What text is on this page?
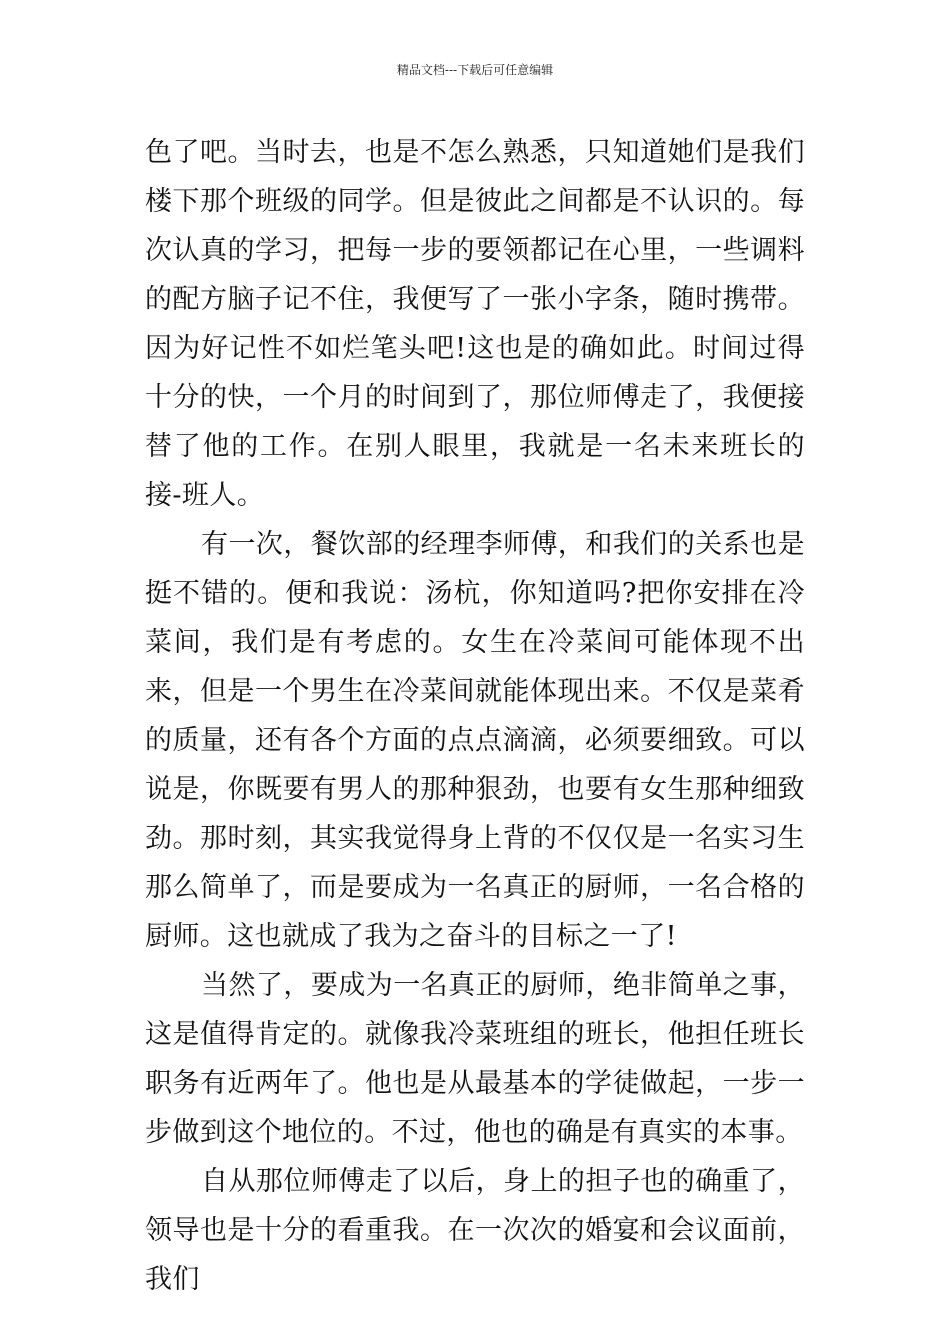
精品文档---下载后可任意编辑

色了吧。当时去，也是不怎么熟悉，只知道她们是我们楼下那个班级的同学。但是彼此之间都是不认识的。每次认真的学习，把每一步的要领都记在心里，一些调料的配方脑子记不住，我便写了一张小字条，随时携带。因为好记性不如烂笔头吧!这也是的确如此。时间过得十分的快，一个月的时间到了，那位师傅走了，我便接替了他的工作。在别人眼里，我就是一名未来班长的接-班人。

有一次，餐饮部的经理李师傅，和我们的关系也是挺不错的。便和我说：汤杭，你知道吗?把你安排在冷菜间，我们是有考虑的。女生在冷菜间可能体现不出来，但是一个男生在冷菜间就能体现出来。不仅是菜肴的质量，还有各个方面的点点滴滴，必须要细致。可以说是，你既要有男人的那种狠劲，也要有女生那种细致劲。那时刻，其实我觉得身上背的不仅仅是一名实习生那么简单了，而是要成为一名真正的厨师，一名合格的厨师。这也就成了我为之奋斗的目标之一了!

当然了，要成为一名真正的厨师，绝非简单之事，这是值得肯定的。就像我冷菜班组的班长，他担任班长职务有近两年了。他也是从最基本的学徒做起，一步一步做到这个地位的。不过，他也的确是有真实的本事。

自从那位师傅走了以后，身上的担子也的确重了，领导也是十分的看重我。在一次次的婚宴和会议面前，我们
